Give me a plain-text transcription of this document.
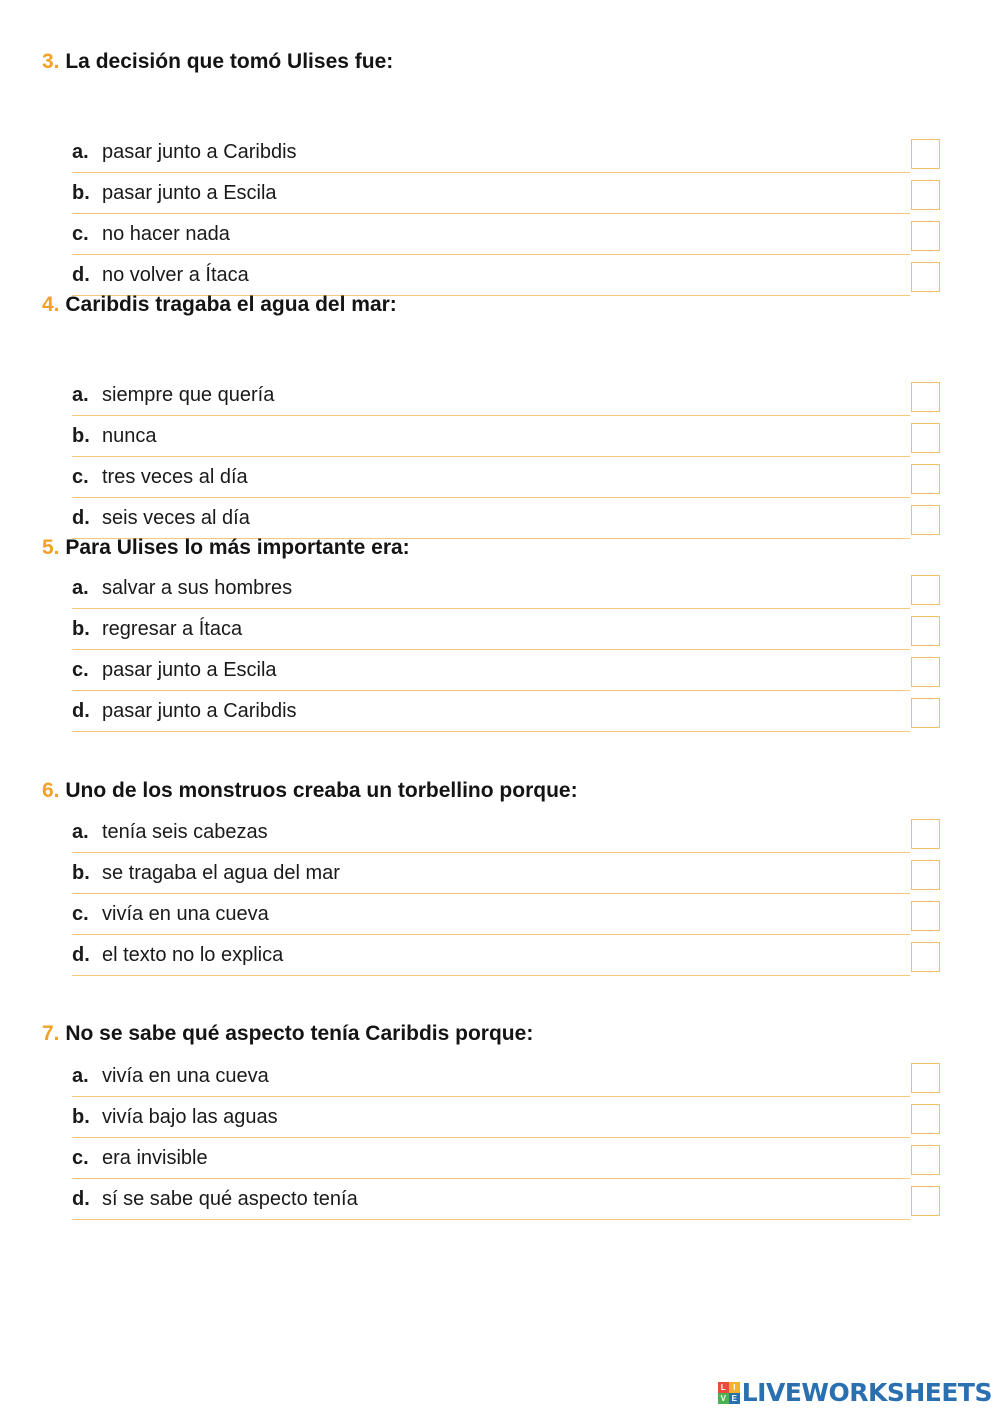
3. La decisión que tomó Ulises fue:
a. pasar junto a Caribdis
b. pasar junto a Escila
c. no hacer nada
d. no volver a Ítaca
4. Caribdis tragaba el agua del mar:
a. siempre que quería
b. nunca
c. tres veces al día
d. seis veces al día
5. Para Ulises lo más importante era:
a. salvar a sus hombres
b. regresar a Ítaca
c. pasar junto a Escila
d. pasar junto a Caribdis
6. Uno de los monstruos creaba un torbellino porque:
a. tenía seis cabezas
b. se tragaba el agua del mar
c. vivía en una cueva
d. el texto no lo explica
7. No se sabe qué aspecto tenía Caribdis porque:
a. vivía en una cueva
b. vivía bajo las aguas
c. era invisible
d. sí se sabe qué aspecto tenía
L I
V E LIVEWORKSHEETS
